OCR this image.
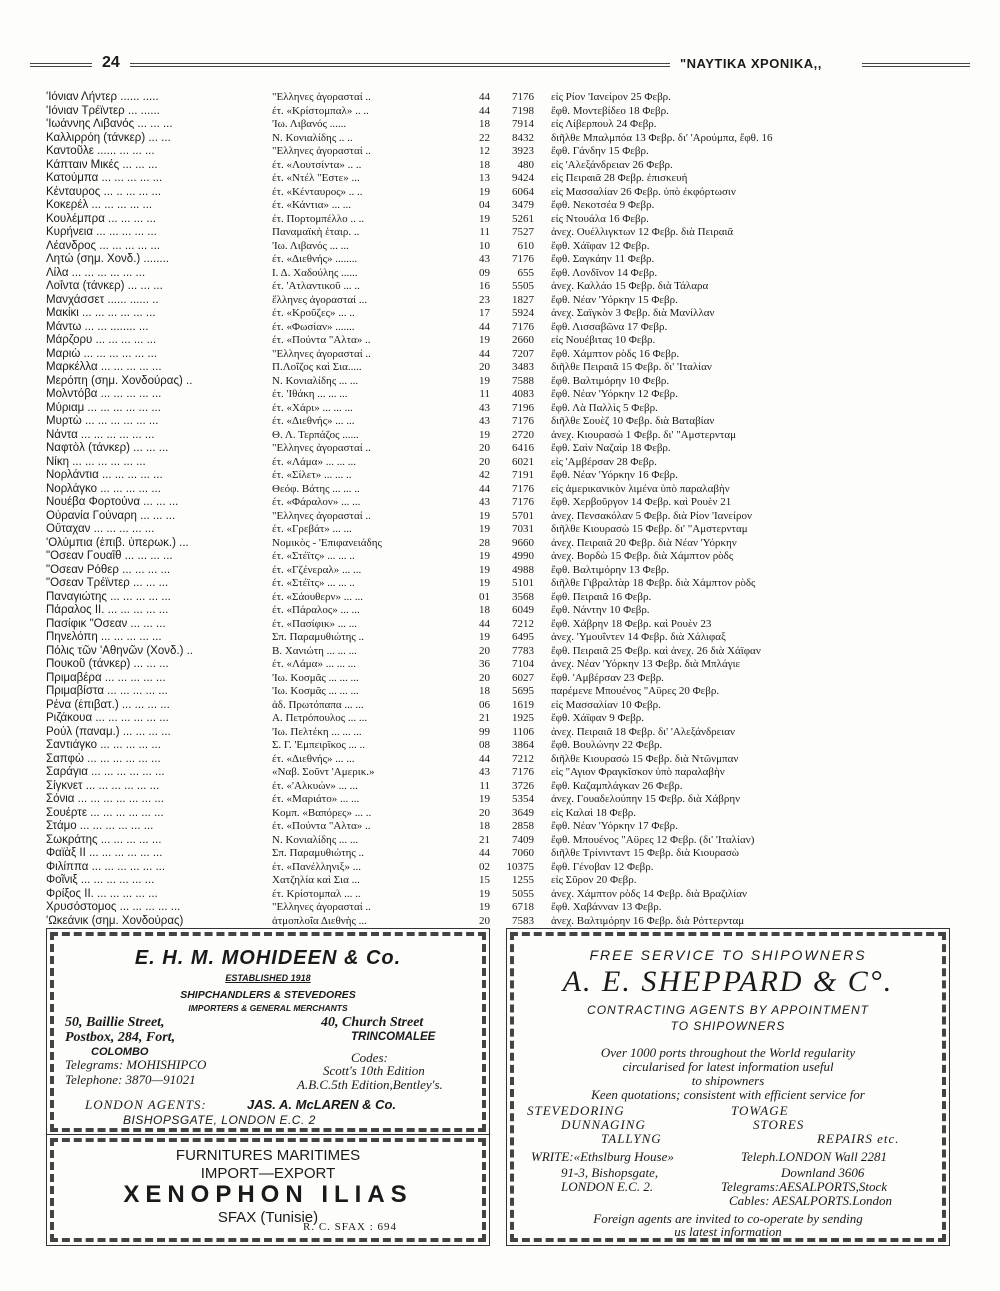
24	"ΝΑΥΤΙΚΑ ΧΡΟΝΙΚΑ,,
'Ιόνιαν Λήντερ ...... .....	"Ελληνες ἀγορασταί ..	44	7176 εἰς Ρίον 'Ιανείρον 25 Φεβρ.
'Ιόνιαν Τρέϊντερ ... ......	έτ. «Κρίστομπαλ» .. ..	44	7198 ἔφθ. Μοντεβίδεο 18 Φεβρ.
'Ιωάννης Λιβανός ... ... ...	'Ιω. Λιβανός ......	18	7914 εἰς Λίβερπουλ 24 Φεβρ.
Καλλιρρόη (τάνκερ) ... ...	Ν. Κονιαλίδης .. ..	22	8432 διῆλθε Μπαλμπόα 13 Φεβρ. δι' 'Αρούμπα, ἔφθ. 16
Καντοῦλε ...... ... ... ...	"Ελληνες ἀγορασταί ..	12	3923 ἔφθ. Γάνδην 15 Φεβρ.
Κάπταιν Μικές ... ... ...	έτ. «Λουτσίντα» .. ..	18	480 εἰς 'Αλεξάνδρειαν 26 Φεβρ.
Κατούμπα ... ... ... ... ...	έτ. «Ντέλ "Εστε» ...	13	9424 εἰς Πειραιᾶ 28 Φεβρ. ἐπισκευή
Κένταυρος ... .. ... ... ...	έτ. «Κένταυρος» .. ..	19	6064 εἰς Μασσαλίαν 26 Φεβρ. ὑπὸ ἐκφόρτωσιν
Κοκερέλ ... ... ... ... ...	έτ. «Κάντια» ... ...	04	3479 ἔφθ. Νεκοτσέα 9 Φεβρ.
Κουλέμπρα ... ... ... ...	έτ. Πορτομπέλλο .. ..	19	5261 εἰς Ντουάλα 16 Φεβρ.
Κυρήνεια ... ... ... ... ...	Παναμαϊκὴ ἑταιρ. ..	11	7527 ἀνεχ. Ουέλλιγκτων 12 Φεβρ. διὰ Πειραιᾶ
Λέανδρος ... ... ... ... ...	'Ιω. Λιβανός ... ...	10	610 ἔφθ. Χάϊφαν 12 Φεβρ.
Λητώ (σημ. Χονδ.) ........	έτ. «Διεθνής» ........	43	7176 ἔφθ. Σαγκάην 11 Φεβρ.
Λίλα ... ... ... ... ... ...	Ι. Δ. Χαδούλης ......	09	655 ἔφθ. Λονδῖνον 14 Φεβρ.
Λοΐντα (τάνκερ) ... ... ...	έτ. 'Ατλαντικοῦ ... ..	16	5505 ἀνεχ. Καλλάο 15 Φεβρ. διὰ Τάλαρα
Μανχάσσετ ...... ...... ..	ἕλληνες ἀγορασταί ...	23	1827 ἔφθ. Νέαν 'Υόρκην 15 Φεβρ.
Μακίκι ... ... ... ... ... ...	έτ. «Κροῦζες» ... ..	17	5924 ἀνεχ. Σαϊγκὸν 3 Φεβρ. διὰ Μανίλλαν
Μάντω ... ... ........ ...	έτ. «Φωσίαν» .......	44	7176 ἔφθ. Λισσαβῶνα 17 Φεβρ.
Μάρζορυ ... ... ... ... ...	έτ. «Πούντα "Αλτα» ..	19	2660 εἰς Νουέβιτας 10 Φεβρ.
Μαριὼ ... ... ... ... ... ...	"Ελληνες ἀγορασταί ..	44	7207 ἔφθ. Χάμπτον ρὸδς 16 Φεβρ.
Μαρκέλλα ... ... ... ... ...	Π.Λοΐζος καὶ Σια.....	20	3483 διῆλθε Πειραιᾶ 15 Φεβρ. δι' 'Ιταλίαν
Μερόπη (σημ. Χονδούρας) ..	Ν. Κονιαλίδης ... ...	19	7588 ἔφθ. Βαλτιμόρην 10 Φεβρ.
Μολντόβα ... ... ... ... ...	έτ. 'Ιθάκη ... ... ...	11	4083 ἔφθ. Νέαν 'Υόρκην 12 Φεβρ.
Μύριαμ ... ... ... ... ... ...	έτ. «Χάρι» ... ... ...	43	7196 ἔφθ. Λὰ Παλλὶς 5 Φεβρ.
Μυρτὼ ... ... ... ... ... ...	έτ. «Διεθνής» ... ...	43	7176 διῆλθε Σουὲζ 10 Φεβρ. διὰ Βαταβίαν
Νάντα ... ... ... ... ... ...	Θ. Λ. Τερπάζος ......	19	2720 ἀνεχ. Κιουρασὼ 1 Φεβρ. δι' "Αμστερνταμ
Ναφτὸλ (τάνκερ) ... ... ...	"Ελληνες ἀγορασταί ..	20	6416 ἔφθ. Σαὶν Ναζαὶρ 18 Φεβρ.
Νίκη ... ... ... ... ... ...	έτ. «Λάμα» ... ... ...	20	6021 εἰς 'Αμβέρσαν 28 Φεβρ.
Νορλάντια ... ... ... ... ...	έτ. «Σίλετ» ... ... ..	42	7191 ἔφθ. Νέαν 'Υόρκην 16 Φεβρ.
Νορλάγκο ... ... ... ... ...	Θεόφ. Βάτης ... ... ..	44	7176 εἰς ἀμερικανικὸν λιμένα ὑπὸ παραλαβὴν
Νουέβα Φορτούνα ... ... ...	έτ. «Φάραλον» ... ...	43	7176 ἔφθ. Χερβοῦργον 14 Φεβρ. καὶ Ρουὲν 21
Οὐρανία Γούναρη ... ... ...	"Ελληνες ἀγορασταί ..	19	5701 ἀνεχ. Πενσακόλαν 5 Φεβρ. διὰ Ρίον 'Ιανείρον
Οὔταχαν ... ... ... ... ...	έτ. «Γρεβάτ» ... ...	19	7031 διῆλθε Κιουρασὼ 15 Φεβρ. δι' "Αμστερνταμ
'Ολύμπια (ἐπιβ. ὑπερωκ.) ...	Νομικὸς - 'Επιφανειάδης	28	9660 ἀνεχ. Πειραιᾶ 20 Φεβρ. διὰ Νέαν 'Υόρκην
"Οσεαν Γουαΐθ ... ... ... ...	έτ. «Στέϊτς» ... ... ..	19	4990 ἀνεχ. Βορδὼ 15 Φεβρ. διὰ Χάμπτον ρὸδς
"Οσεαν Ρόθερ ... ... ... ...	έτ. «Γζένεραλ» ... ...	19	4988 ἔφθ. Βαλτιμόρην 13 Φεβρ.
"Οσεαν Τρέϊντερ ... ... ...	έτ. «Στέϊτς» ... ... ..	19	5101 διῆλθε Γιβραλτὰρ 18 Φεβρ. διὰ Χάμπτον ρὸδς
Παναγιώτης ... ... ... ... ...	έτ. «Σάουθερν» ... ...	01	3568 ἔφθ. Πειραιᾶ 16 Φεβρ.
Πάραλος ΙΙ. ... ... ... ... ...	έτ. «Πάραλος» ... ...	18	6049 ἔφθ. Νάντην 10 Φεβρ.
Πασίφικ "Οσεαν ... ... ...	έτ. «Πασίφικ» ... ...	44	7212 ἔφθ. Χάβρην 18 Φεβρ. καὶ Ρουὲν 23
Πηνελόπη ... ... ... ... ...	Σπ. Παραμυθιώτης ..	19	6495 ἀνεχ. 'Υμουΐντεν 14 Φεβρ. διὰ Χάλιφαξ
Πόλις τῶν 'Αθηνῶν (Χονδ.) ..	Β. Χανιώτη ... ... ...	20	7783 ἔφθ. Πειραιᾶ 25 Φεβρ. καὶ ἀνεχ. 26 διὰ Χάϊφαν
Πουκοῦ (τάνκερ) ... ... ...	έτ. «Λάμα» ... ... ...	36	7104 ἀνεχ. Νέαν 'Υόρκην 13 Φεβρ. διὰ Μπλάγιε
Πριμαβέρα ... ... ... ... ...	'Ιω. Κοσμᾶς ... ... ...	20	6027 ἔφθ. 'Αμβέρσαν 23 Φεβρ.
Πριμαβίστα ... ... ... ... ...	'Ιω. Κοσμᾶς ... ... ...	18	5695 παρέμενε Μπουένος "Αϋρες 20 Φεβρ.
Ρένα (ἐπιβατ.) ... ... ... ...	ἀδ. Πρωτόπαπα ... ...	06	1619 εἰς Μασσαλίαν 10 Φεβρ.
Ριζάκουα ... ... ... ... ... ...	Α. Πετρόπουλος ... ...	21	1925 ἔφθ. Χάϊφαν 9 Φεβρ.
Ρούλ (παναμ.) ... ... ... ...	'Ιω. Πελτέκη ... ... ...	99	1106 ἀνεχ. Πειραιᾶ 18 Φεβρ. δι' 'Αλεξάνδρειαν
Σαντιάγκο ... ... ... ... ...	Σ. Γ. 'Εμπειρῖκος ... ..	08	3864 ἔφθ. Βουλώνην 22 Φεβρ.
Σαπφὼ ... ... ... ... ... ...	έτ. «Διεθνής» ... ...	44	7212 διῆλθε Κιουρασὼ 15 Φεβρ. διὰ Ντῶνμπαν
Σαράγια ... ... ... ... ... ...	«Ναβ. Σοῦντ 'Αμερικ.»	43	7176 εἰς "Αγιον Φραγκῖσκον ὑπὸ παραλαβὴν
Σίγκνετ ... ... ... ... ... ...	έτ. «'Αλκυών» ... ...	11	3726 ἔφθ. Καζαμπλάγκαν 26 Φεβρ.
Σόνια ... ... ... ... ... ... ...	έτ. «Μαριάτο» ... ...	19	5354 ἀνεχ. Γουαδελούπην 15 Φεβρ. διὰ Χάβρην
Σουέρτε ... ... ... ... ... ...	Κομπ. «Βαπόρες» ... ..	20	3649 εἰς Καλαὶ 18 Φεβρ.
Στάμο ... ... ... ... ... ...	έτ. «Πούντα "Αλτα» ..	18	2858 ἔφθ. Νέαν 'Υόρκην 17 Φεβρ.
Σωκράτης ... ... ... ... ...	Ν. Κονιαλίδης ... ...	21	7409 ἔφθ. Μπουένος "Αϋρες 12 Φεβρ. (δι' 'Ιταλίαν)
Φαϊὰξ ΙΙ ... ... ... ... ... ...	Σπ. Παραμυθιώτης ..	44	7060 διῆλθε Τρίνινταντ 15 Φεβρ. διὰ Κιουρασὼ
Φιλίππα ... ... ... ... ... ...	έτ. «Πανέλληνιξ» ...	02	10375 ἔφθ. Γένοβαν 12 Φεβρ.
Φοῖνιξ ... ... ... ... ... ...	Χατζηλία καὶ Σια ...	15	1255 εἰς Σῦρον 20 Φεβρ.
Φρίξος ΙΙ. ... ... ... ... ...	έτ. Κρίστομπαλ ... ..	19	5055 ἀνεχ. Χάμπτον ρὸδς 14 Φεβρ. διὰ Βραζιλίαν
Χρυσόστομος ... ... ... ... ...	"Ελληνες ἀγορασταί ..	19	6718 ἔφθ. Χαβάνναν 13 Φεβρ.
'Ωκεάνικ (σημ. Χονδούρας)	ἀτμοπλοΐα Διεθνὴς ...	20	7583 ἀνεχ. Βαλτιμόρην 16 Φεβρ. διὰ Ρόττερνταμ
E. H. M. MOHIDEEN & Co.
ESTABLISHED 1918
SHIPCHANDLERS & STEVEDORES
IMPORTERS & GENERAL MERCHANTS
50, Baillie Street,
Postbox, 284, Fort,
COLOMBO
40, Church Street
TRINCOMALEE
Telegrams: MOHISHIPCO
Telephone: 3870—91021
Codes:
Scott's 10th Edition
A.B.C.5th Edition,Bentley's.
LONDON AGENTS:	JAS. A. McLAREN & Co.
BISHOPSGATE, LONDON E.C. 2
FURNITURES MARITIMES
IMPORT—EXPORT
XENOPHON ILIAS
SFAX (Tunisie)
R. C. SFAX : 694
FREE SERVICE TO SHIPOWNERS
A. E. SHEPPARD & C°.
CONTRACTING AGENTS BY APPOINTMENT
TO SHIPOWNERS
Over 1000 ports throughout the World regularity
circularised for latest information useful
to shipowners
Keen quotations; consistent with efficient service for
STEVEDORING	TOWAGE
DUNNAGING	STORES
TALLYNG	REPAIRS etc.
WRITE:«Ethslburg House»	Teleph.LONDON Wall 2281
91-3, Bishopsgate,	Downland 3606
LONDON E.C. 2.	Telegrams:AESALPORTS,Stock
Cables: AESALPORTS.London
Foreign agents are invited to co-operate by sending
us latest information
